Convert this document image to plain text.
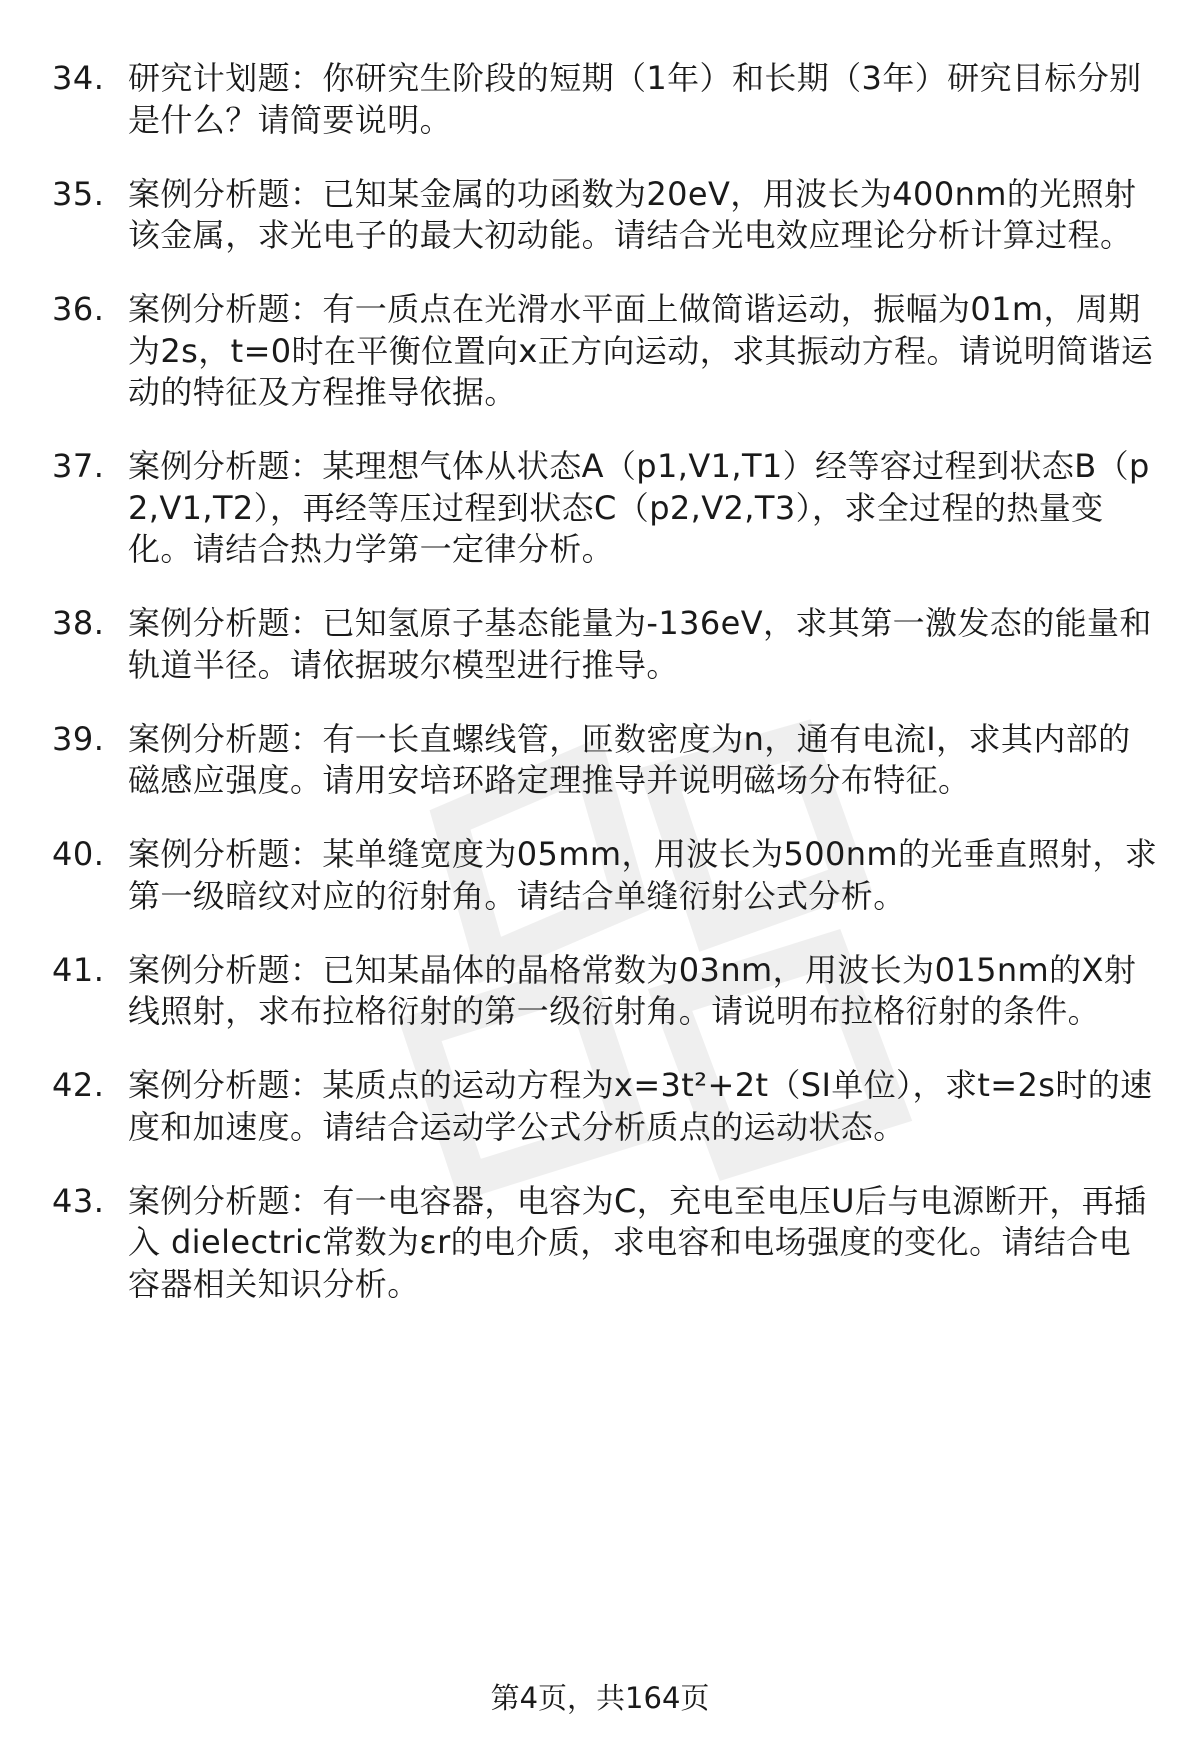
34. 研究计划题：你研究生阶段的短期（1年）和长期（3年）研究目标分别是什么？请简要说明。
35. 案例分析题：已知某金属的功函数为20eV，用波长为400nm的光照射该金属，求光电子的最大初动能。请结合光电效应理论分析计算过程。
36. 案例分析题：有一质点在光滑水平面上做简谐运动，振幅为01m，周期为2s，t=0时在平衡位置向x正方向运动，求其振动方程。请说明简谐运动的特征及方程推导依据。
37. 案例分析题：某理想气体从状态A（p1,V1,T1）经等容过程到状态B（p2,V1,T2），再经等压过程到状态C（p2,V2,T3），求全过程的热量变化。请结合热力学第一定律分析。
38. 案例分析题：已知氢原子基态能量为-136eV，求其第一激发态的能量和轨道半径。请依据玻尔模型进行推导。
39. 案例分析题：有一长直螺线管，匝数密度为n，通有电流I，求其内部的磁感应强度。请用安培环路定理推导并说明磁场分布特征。
40. 案例分析题：某单缝宽度为05mm，用波长为500nm的光垂直照射，求第一级暗纹对应的衍射角。请结合单缝衍射公式分析。
41. 案例分析题：已知某晶体的晶格常数为03nm，用波长为015nm的X射线照射，求布拉格衍射的第一级衍射角。请说明布拉格衍射的条件。
42. 案例分析题：某质点的运动方程为x=3t²+2t（SI单位），求t=2s时的速度和加速度。请结合运动学公式分析质点的运动状态。
43. 案例分析题：有一电容器，电容为C，充电至电压U后与电源断开，再插入 dielectric常数为εr的电介质，求电容和电场强度的变化。请结合电容器相关知识分析。
第4页，共164页
